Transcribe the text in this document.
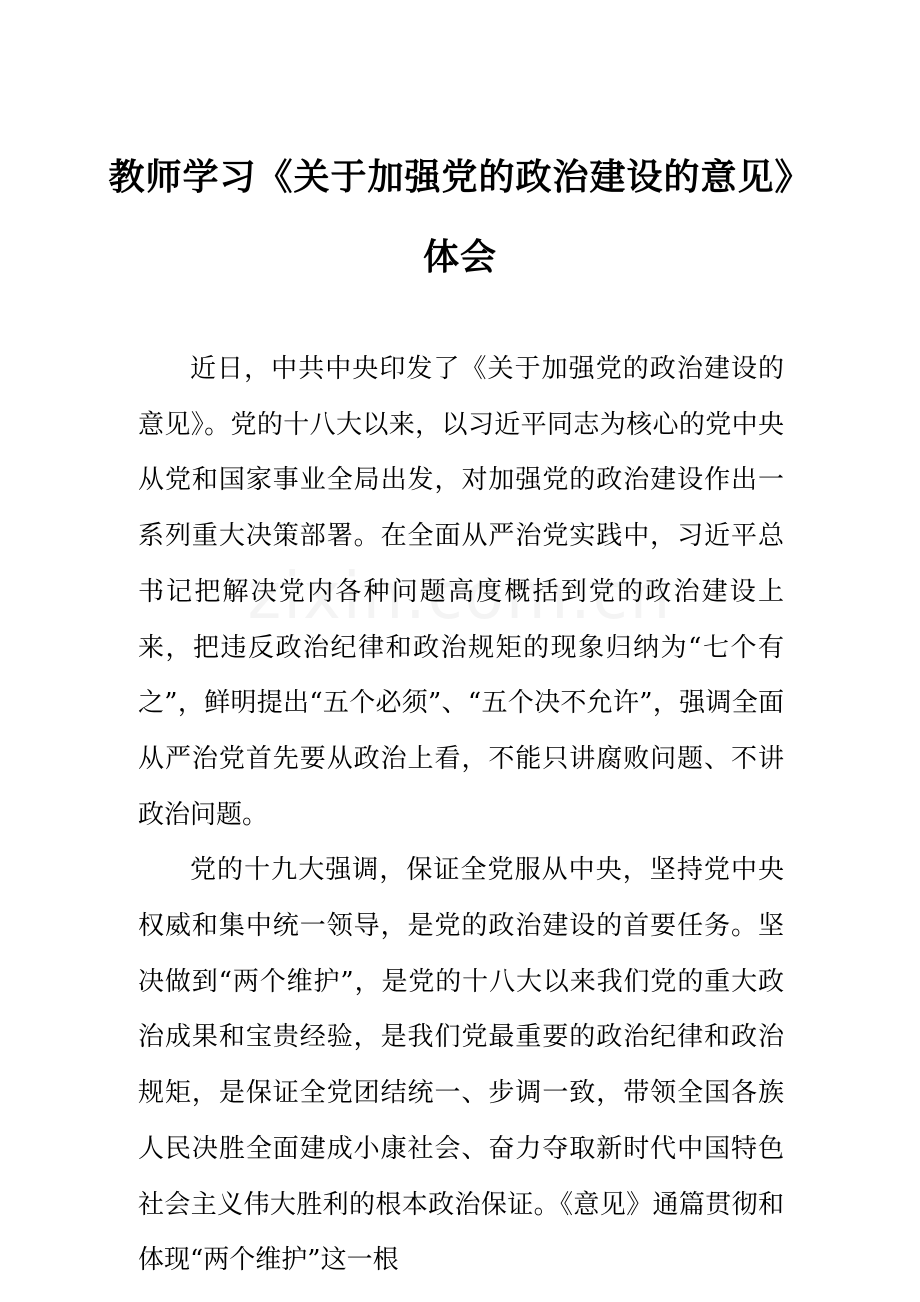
教师学习《关于加强党的政治建设的意见》
体会

近日，中共中央印发了《关于加强党的政治建设的意见》。党的十八大以来，以习近平同志为核心的党中央从党和国家事业全局出发，对加强党的政治建设作出一系列重大决策部署。在全面从严治党实践中，习近平总书记把解决党内各种问题高度概括到党的政治建设上来，把违反政治纪律和政治规矩的现象归纳为“七个有之”，鲜明提出“五个必须”、“五个决不允许”，强调全面从严治党首先要从政治上看，不能只讲腐败问题、不讲政治问题。

党的十九大强调，保证全党服从中央，坚持党中央权威和集中统一领导，是党的政治建设的首要任务。坚决做到“两个维护”，是党的十八大以来我们党的重大政治成果和宝贵经验，是我们党最重要的政治纪律和政治规矩，是保证全党团结统一、步调一致，带领全国各族人民决胜全面建成小康社会、奋力夺取新时代中国特色社会主义伟大胜利的根本政治保证。《意见》通篇贯彻和体现“两个维护”这一根
